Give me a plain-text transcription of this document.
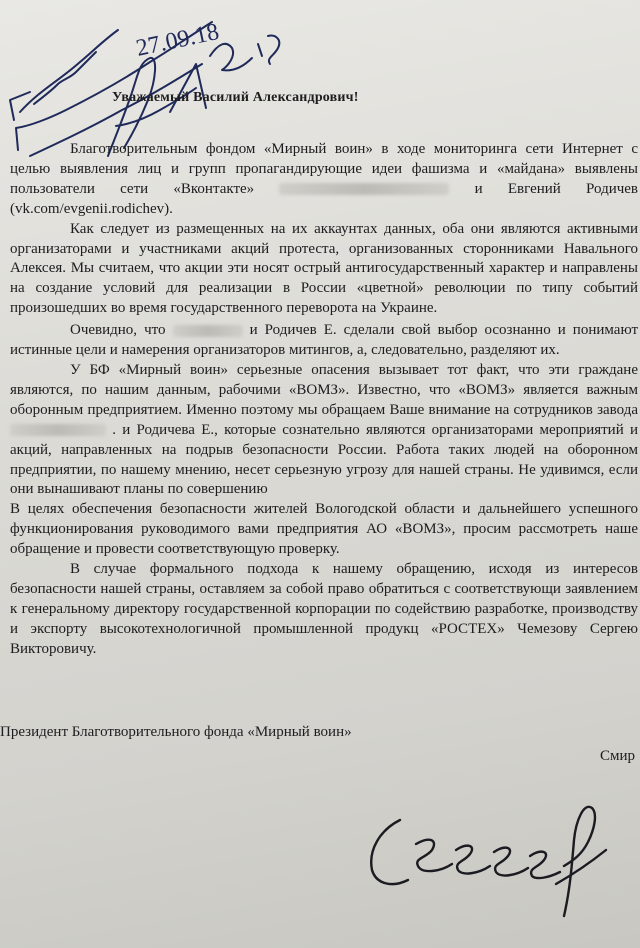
27.09.18
Уважаемый Василий Александрович!

Благотворительным фондом «Мирный воин» в ходе мониторинга сети Интернет с целью выявления лиц и групп пропагандирующие идеи фашизма и «майдана» выявлены пользователи сети «Вконтакте»	и Евгений Родичев (vk.com/evgenii.rodichev).

Как следует из размещенных на их аккаунтах данных, оба они являются активными организаторами и участниками акций протеста, организованных сторонниками Навального Алексея. Мы считаем, что акции эти носят острый антигосударственный характер и направлены на создание условий для реализации в России «цветной» революции по типу событий произошедших во время государственного переворота на Украине.

Очевидно, что	и Родичев Е. сделали свой выбор осознанно и понимают истинные цели и намерения организаторов митингов, а, следовательно, разделяют их.

У БФ «Мирный воин» серьезные опасения вызывает тот факт, что эти граждане являются, по нашим данным, рабочими «ВОМЗ». Известно, что «ВОМЗ» является важным оборонным предприятием. Именно поэтому мы обращаем Ваше внимание на сотрудников завода  . и Родичева Е., которые сознательно являются организаторами мероприятий и акций, направленных на подрыв безопасности России. Работа таких людей на оборонном предприятии, по нашему мнению, несет серьезную угрозу для нашей страны. Не удивимся, если они вынашивают планы по совершению

В целях обеспечения безопасности жителей Вологодской области и дальнейшего успешного функционирования руководимого вами предприятия АО «ВОМЗ», просим рассмотреть наше обращение и провести соответствующую проверку.

В случае формального подхода к нашему обращению, исходя из интересов безопасности нашей страны, оставляем за собой право обратиться с соответствующи заявлением к генеральному директору государственной корпорации по содействию разработке, производству и экспорту высокотехнологичной промышленной продукц «РОСТЕХ» Чемезову Сергею Викторовичу.

Президент Благотворительного фонда «Мирный воин»
Смир
